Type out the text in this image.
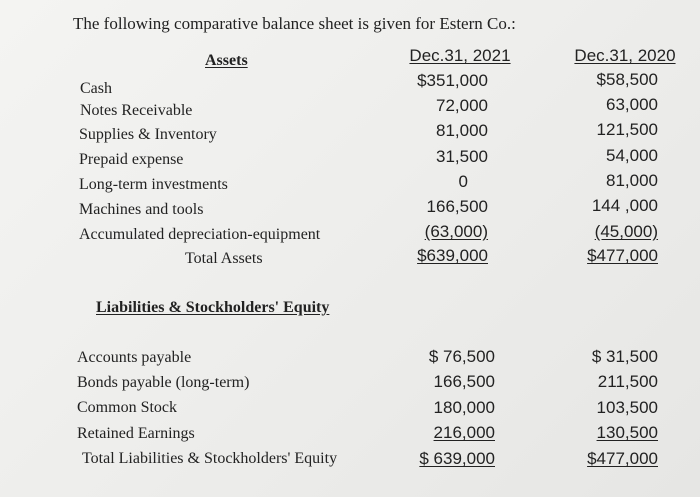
The following comparative balance sheet is given for Estern Co.:
Assets	Dec.31, 2021	Dec.31, 2020
Cash	$351,000	$58,500
Notes Receivable	72,000	63,000
Supplies & Inventory	81,000	121,500
Prepaid expense	31,500	54,000
Long-term investments	0	81,000
Machines and tools	166,500	144 ,000
Accumulated depreciation-equipment	(63,000)	(45,000)
Total Assets	$639,000	$477,000
Liabilities & Stockholders' Equity
Accounts payable	$ 76,500	$ 31,500
Bonds payable (long-term)	166,500	211,500
Common Stock	180,000	103,500
Retained Earnings	216,000	130,500
Total Liabilities & Stockholders' Equity	$ 639,000	$477,000
